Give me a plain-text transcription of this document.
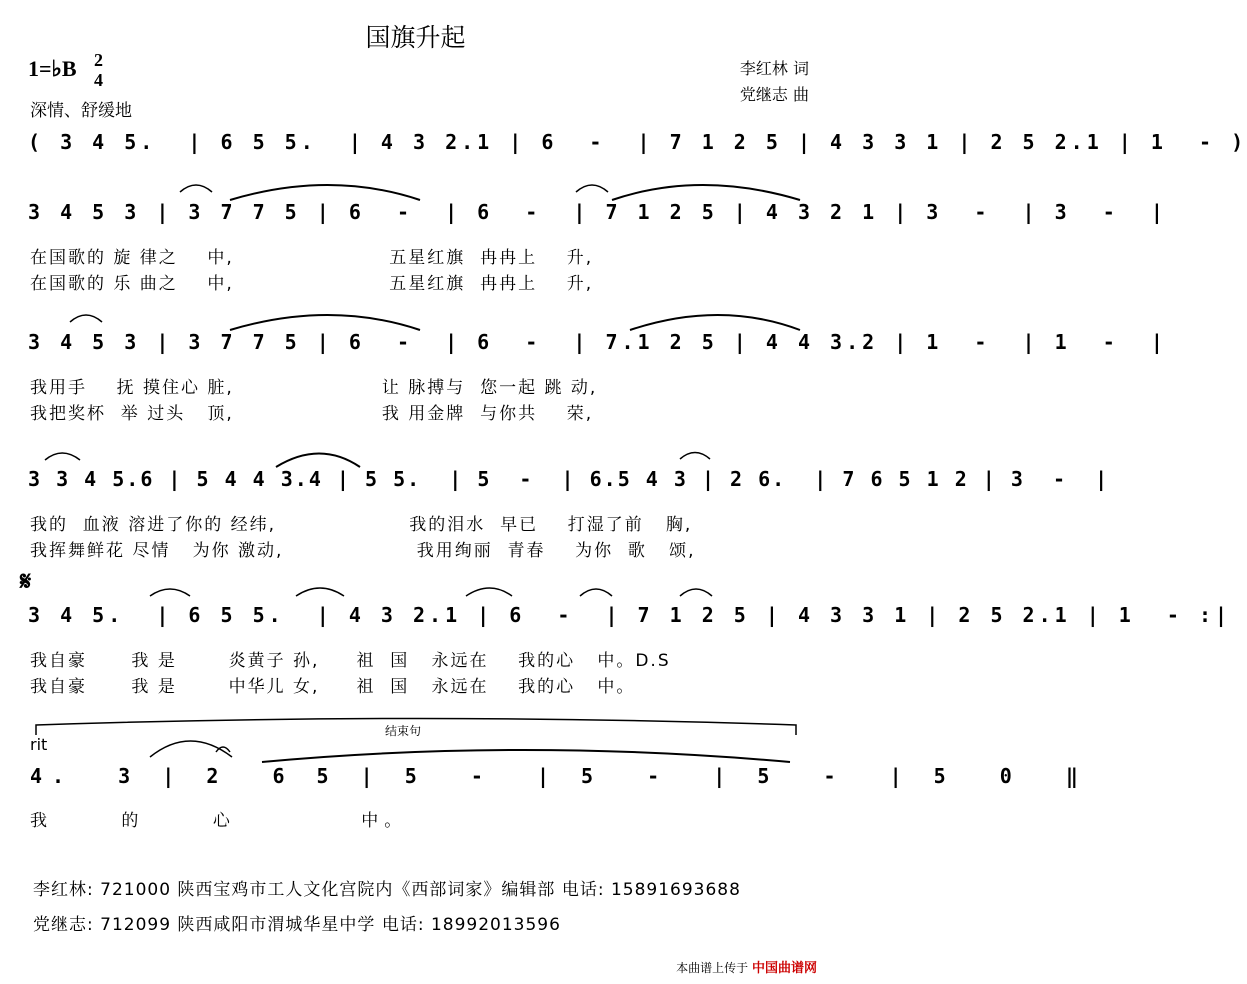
国旗升起
1=♭B 2
4
深情、舒缓地
李红林 词
党继志 曲
( 3 4 5.  | 6 5 5.  | 4 3 2.1 | 6  -  | 7 1 2 5 | 4 3 3 1 | 2 5 2.1 | 1  - )
3 4 5 3 | 3 7 7 5 | 6  -  | 6  -  | 7 1 2 5 | 4 3 2 1 | 3  -  | 3  -  |
在国歌的 旋 律之    中,                     五星红旗  冉冉上    升,
在国歌的 乐 曲之    中,                     五星红旗  冉冉上    升,
3 4 5 3 | 3 7 7 5 | 6  -  | 6  -  | 7.1 2 5 | 4 4 3.2 | 1  -  | 1  -  |
我用手    抚 摸住心 脏,                    让 脉搏与  您一起 跳 动,
我把奖杯  举 过头   顶,                    我 用金牌  与你共    荣,
3 3 4 5.6 | 5 4 4 3.4 | 5 5.  | 5  -  | 6.5 4 3 | 2 6.  | 7 6 5 1 2 | 3  -  |
我的  血液 溶进了你的 经纬,                  我的泪水  早已    打湿了前   胸,
我挥舞鲜花 尽情   为你 激动,                  我用绚丽  青春    为你  歌   颂,
𝄋
3 4 5.  | 6 5 5.  | 4 3 2.1 | 6  -  | 7 1 2 5 | 4 3 3 1 | 2 5 2.1 | 1  - :|
我自豪      我 是       炎黄子 孙,     祖  国   永远在    我的心   中。D.S
我自豪      我 是       中华儿 女,     祖  国   永远在    我的心   中。
rit
结束句
4.  3 | 2  6 5 | 5  -  | 5  -  | 5  -  | 5  0  ‖
我      的      心           中。
李红林: 721000 陕西宝鸡市工人文化宫院内《西部词家》编辑部 电话: 15891693688
党继志: 712099 陕西咸阳市渭城华星中学 电话: 18992013596
本曲谱上传于 中国曲谱网
